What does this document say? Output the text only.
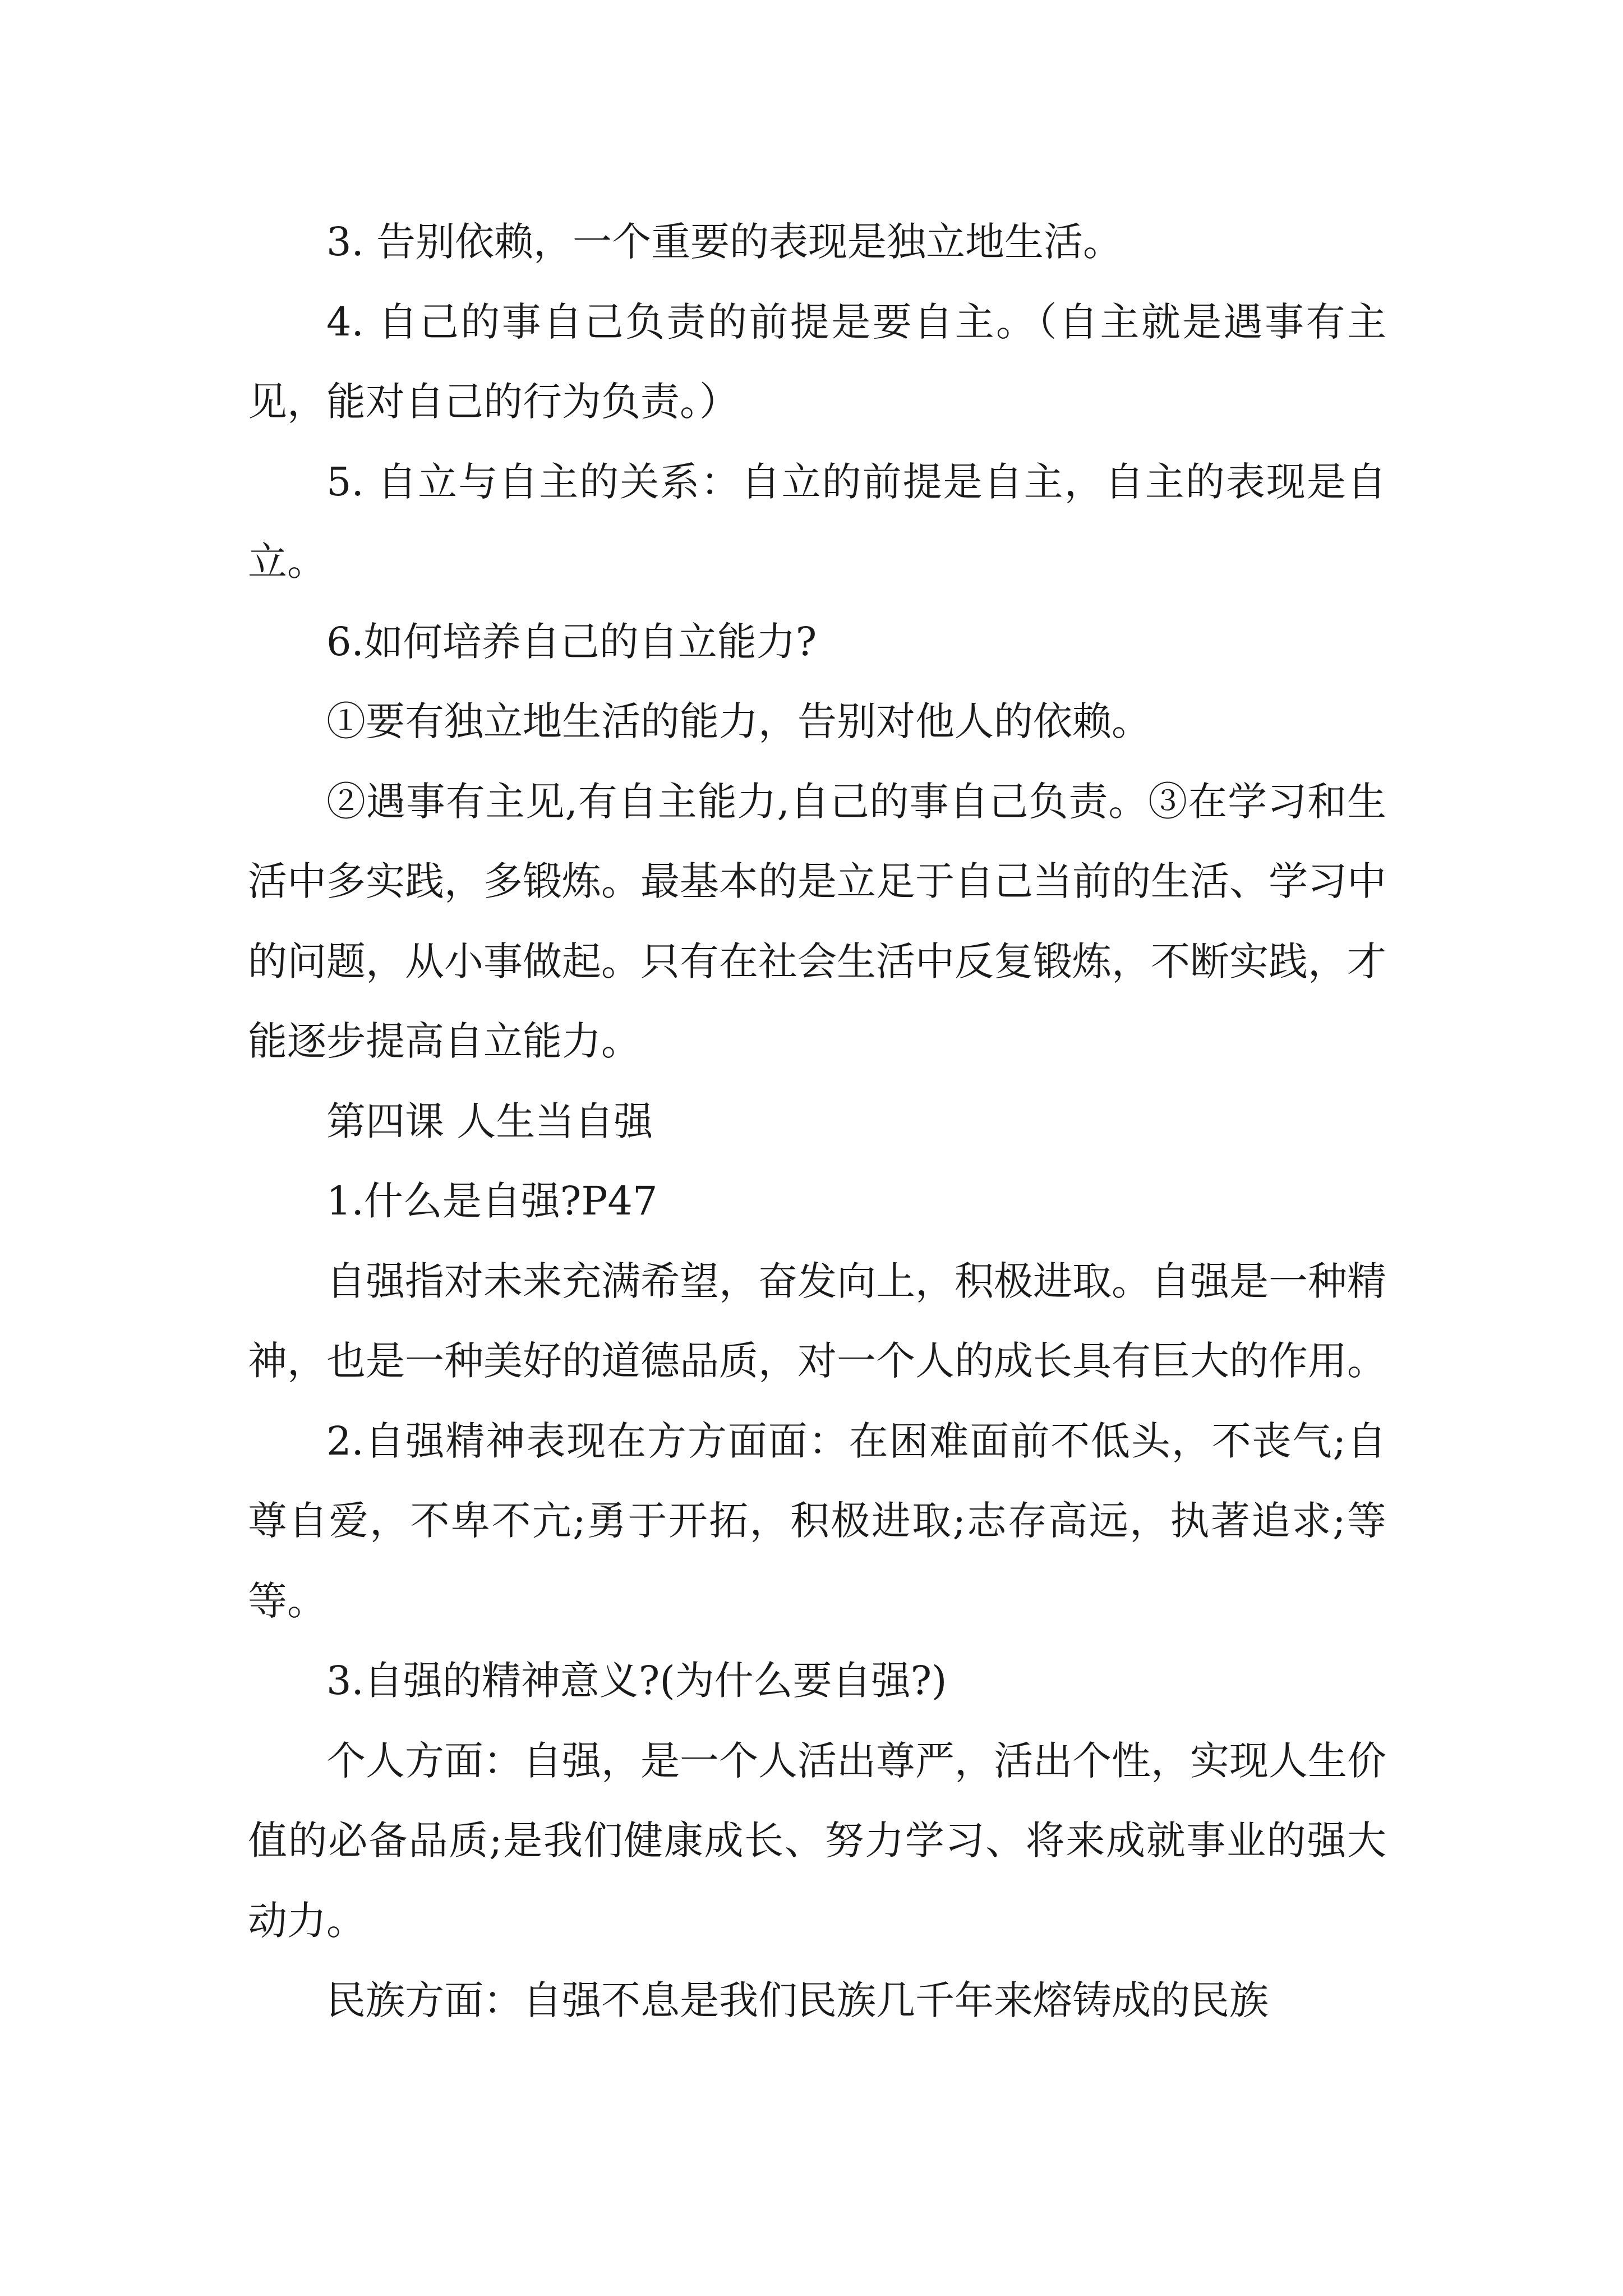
3. 告别依赖，一个重要的表现是独立地生活。

4. 自己的事自己负责的前提是要自主。（自主就是遇事有主见，能对自己的行为负责。）

5. 自立与自主的关系：自立的前提是自主，自主的表现是自立。

6.如何培养自己的自立能力?

①要有独立地生活的能力，告别对他人的依赖。

②遇事有主见,有自主能力,自己的事自己负责。③在学习和生活中多实践，多锻炼。最基本的是立足于自己当前的生活、学习中的问题，从小事做起。只有在社会生活中反复锻炼，不断实践，才能逐步提高自立能力。

第四课 人生当自强

1.什么是自强?P47

自强指对未来充满希望，奋发向上，积极进取。自强是一种精神，也是一种美好的道德品质，对一个人的成长具有巨大的作用。

2.自强精神表现在方方面面：在困难面前不低头，不丧气;自尊自爱，不卑不亢;勇于开拓，积极进取;志存高远，执著追求;等等。

3.自强的精神意义?(为什么要自强?)

个人方面：自强，是一个人活出尊严，活出个性，实现人生价值的必备品质;是我们健康成长、努力学习、将来成就事业的强大动力。

民族方面：自强不息是我们民族几千年来熔铸成的民族
